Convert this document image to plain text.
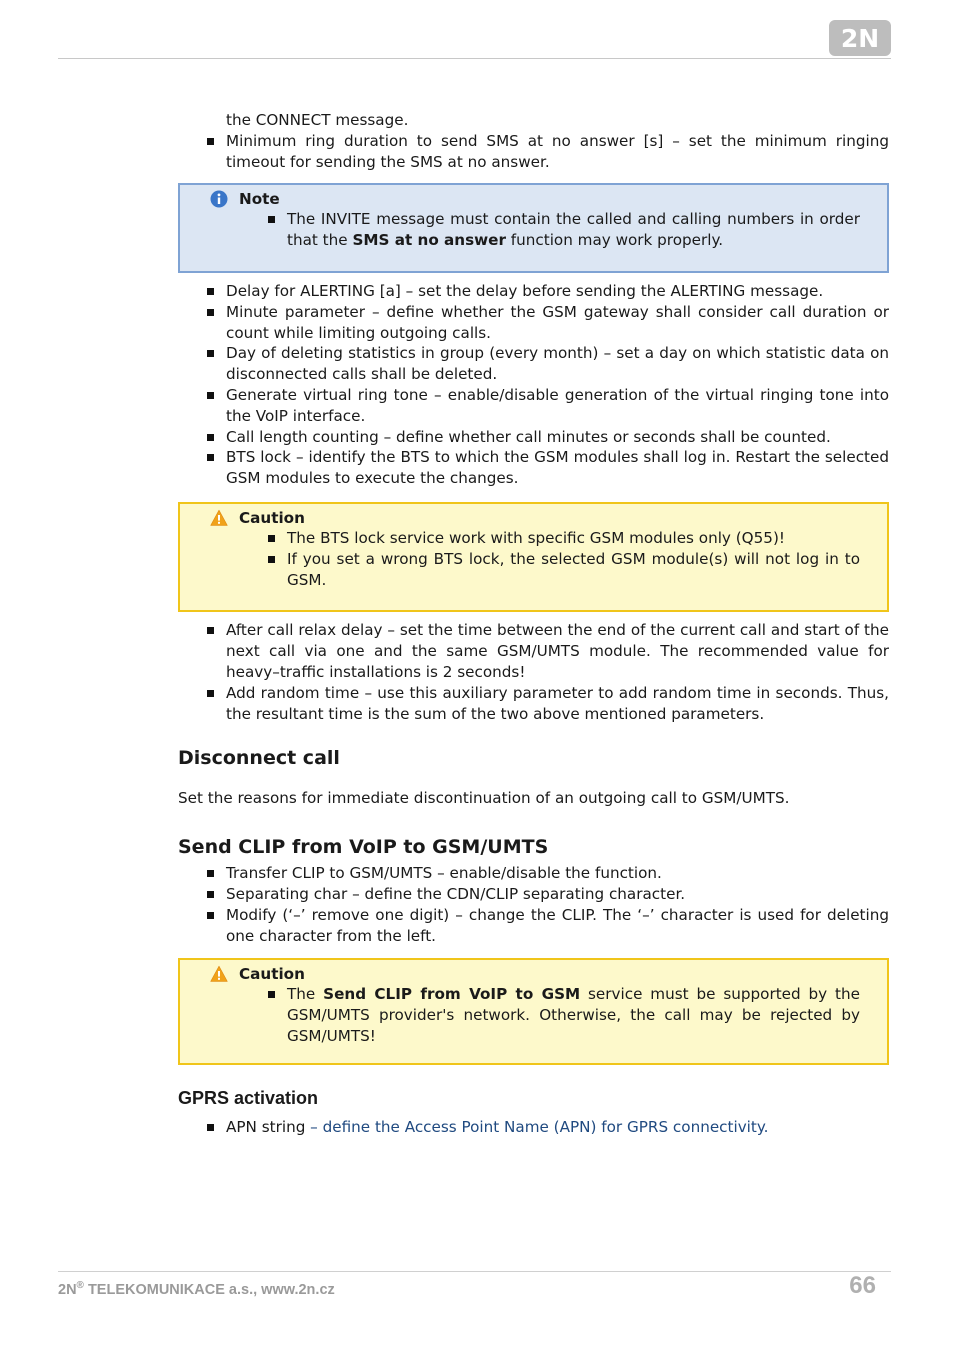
2N

the CONNECT message.

Minimum ring duration to send SMS at no answer [s] – set the minimum ringing timeout for sending the SMS at no answer.
Note
The INVITE message must contain the called and calling numbers in order that the SMS at no answer function may work properly.
Delay for ALERTING [a] – set the delay before sending the ALERTING message.
Minute parameter – define whether the GSM gateway shall consider call duration or count while limiting outgoing calls.
Day of deleting statistics in group (every month) – set a day on which statistic data on disconnected calls shall be deleted.
Generate virtual ring tone – enable/disable generation of the virtual ringing tone into the VoIP interface.
Call length counting – define whether call minutes or seconds shall be counted.
BTS lock – identify the BTS to which the GSM modules shall log in. Restart the selected GSM modules to execute the changes.
Caution
The BTS lock service work with specific GSM modules only (Q55)!
If you set a wrong BTS lock, the selected GSM module(s) will not log in to GSM.
After call relax delay – set the time between the end of the current call and start of the next call via one and the same GSM/UMTS module. The recommended value for heavy–traffic installations is 2 seconds!
Add random time – use this auxiliary parameter to add random time in seconds. Thus, the resultant time is the sum of the two above mentioned parameters.
Disconnect call

Set the reasons for immediate discontinuation of an outgoing call to GSM/UMTS.

Send CLIP from VoIP to GSM/UMTS
Transfer CLIP to GSM/UMTS – enable/disable the function.
Separating char – define the CDN/CLIP separating character.
Modify (‘–’ remove one digit) – change the CLIP. The ‘–’ character is used for deleting one character from the left.
Caution
The Send CLIP from VoIP to GSM service must be supported by the GSM/UMTS provider's network. Otherwise, the call may be rejected by GSM/UMTS!
GPRS activation
APN string – define the Access Point Name (APN) for GPRS connectivity.
2N® TELEKOMUNIKACE a.s., www.2n.cz	66
